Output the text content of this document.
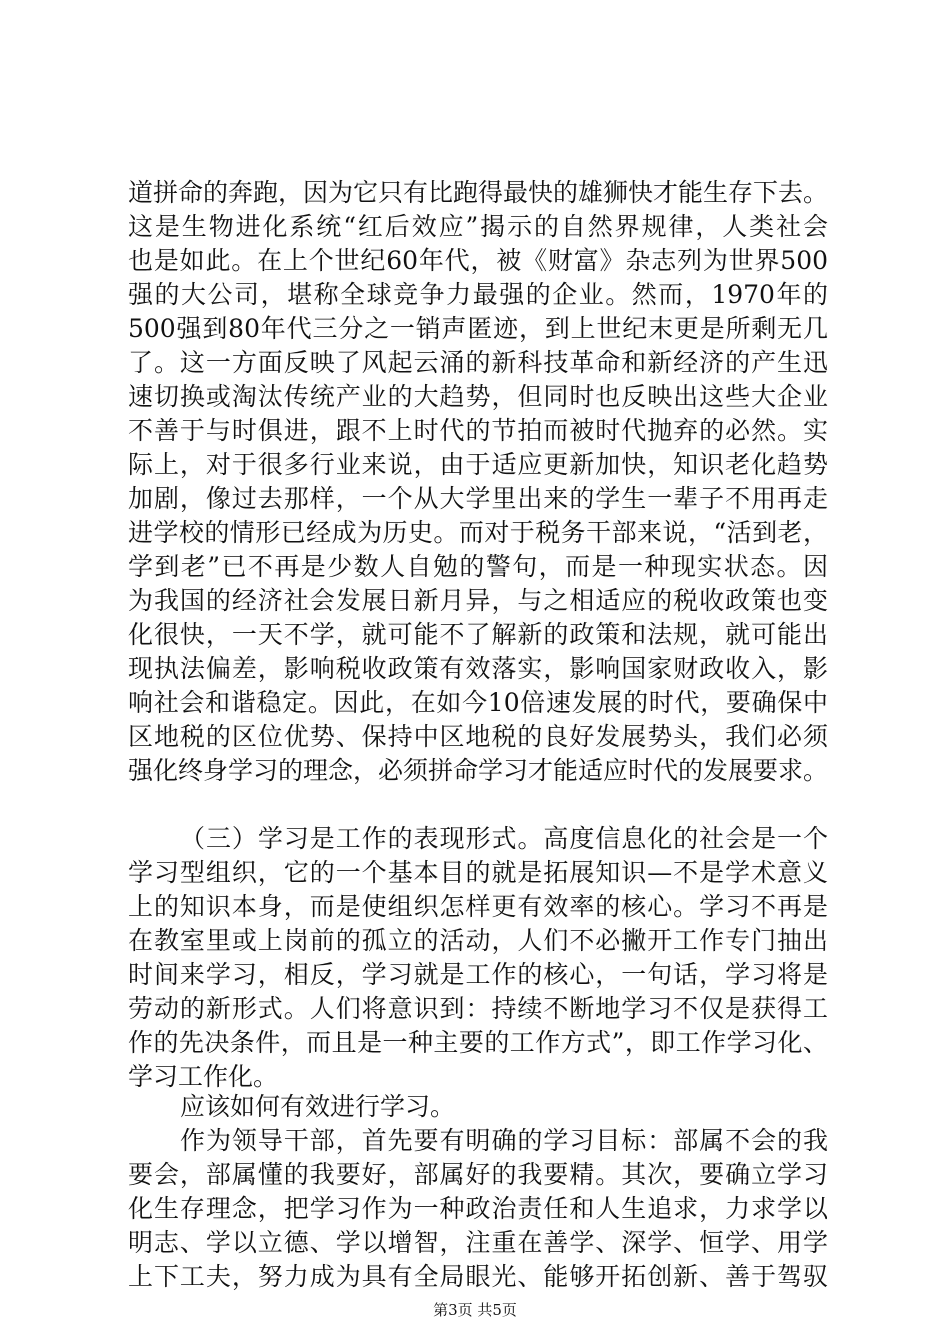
道拼命的奔跑，因为它只有比跑得最快的雄狮快才能生存下去。
这是生物进化系统“红后效应”揭示的自然界规律，人类社会
也是如此。在上个世纪60年代，被《财富》杂志列为世界500
强的大公司，堪称全球竞争力最强的企业。然而，1970年的
500强到80年代三分之一销声匿迹，到上世纪末更是所剩无几
了。这一方面反映了风起云涌的新科技革命和新经济的产生迅
速切换或淘汰传统产业的大趋势，但同时也反映出这些大企业
不善于与时俱进，跟不上时代的节拍而被时代抛弃的必然。实
际上，对于很多行业来说，由于适应更新加快，知识老化趋势
加剧，像过去那样，一个从大学里出来的学生一辈子不用再走
进学校的情形已经成为历史。而对于税务干部来说，“活到老，
学到老”已不再是少数人自勉的警句，而是一种现实状态。因
为我国的经济社会发展日新月异，与之相适应的税收政策也变
化很快，一天不学，就可能不了解新的政策和法规，就可能出
现执法偏差，影响税收政策有效落实，影响国家财政收入，影
响社会和谐稳定。因此，在如今10倍速发展的时代，要确保中
区地税的区位优势、保持中区地税的良好发展势头，我们必须
强化终身学习的理念，必须拼命学习才能适应时代的发展要求。
（三）学习是工作的表现形式。高度信息化的社会是一个
学习型组织，它的一个基本目的就是拓展知识—不是学术意义
上的知识本身，而是使组织怎样更有效率的核心。学习不再是
在教室里或上岗前的孤立的活动，人们不必撇开工作专门抽出
时间来学习，相反，学习就是工作的核心，一句话，学习将是
劳动的新形式。人们将意识到：持续不断地学习不仅是获得工
作的先决条件，而且是一种主要的工作方式”，即工作学习化、
学习工作化。
应该如何有效进行学习。
作为领导干部，首先要有明确的学习目标：部属不会的我
要会，部属懂的我要好，部属好的我要精。其次，要确立学习
化生存理念，把学习作为一种政治责任和人生追求，力求学以
明志、学以立德、学以增智，注重在善学、深学、恒学、用学
上下工夫，努力成为具有全局眼光、能够开拓创新、善于驾驭
第3页 共5页
